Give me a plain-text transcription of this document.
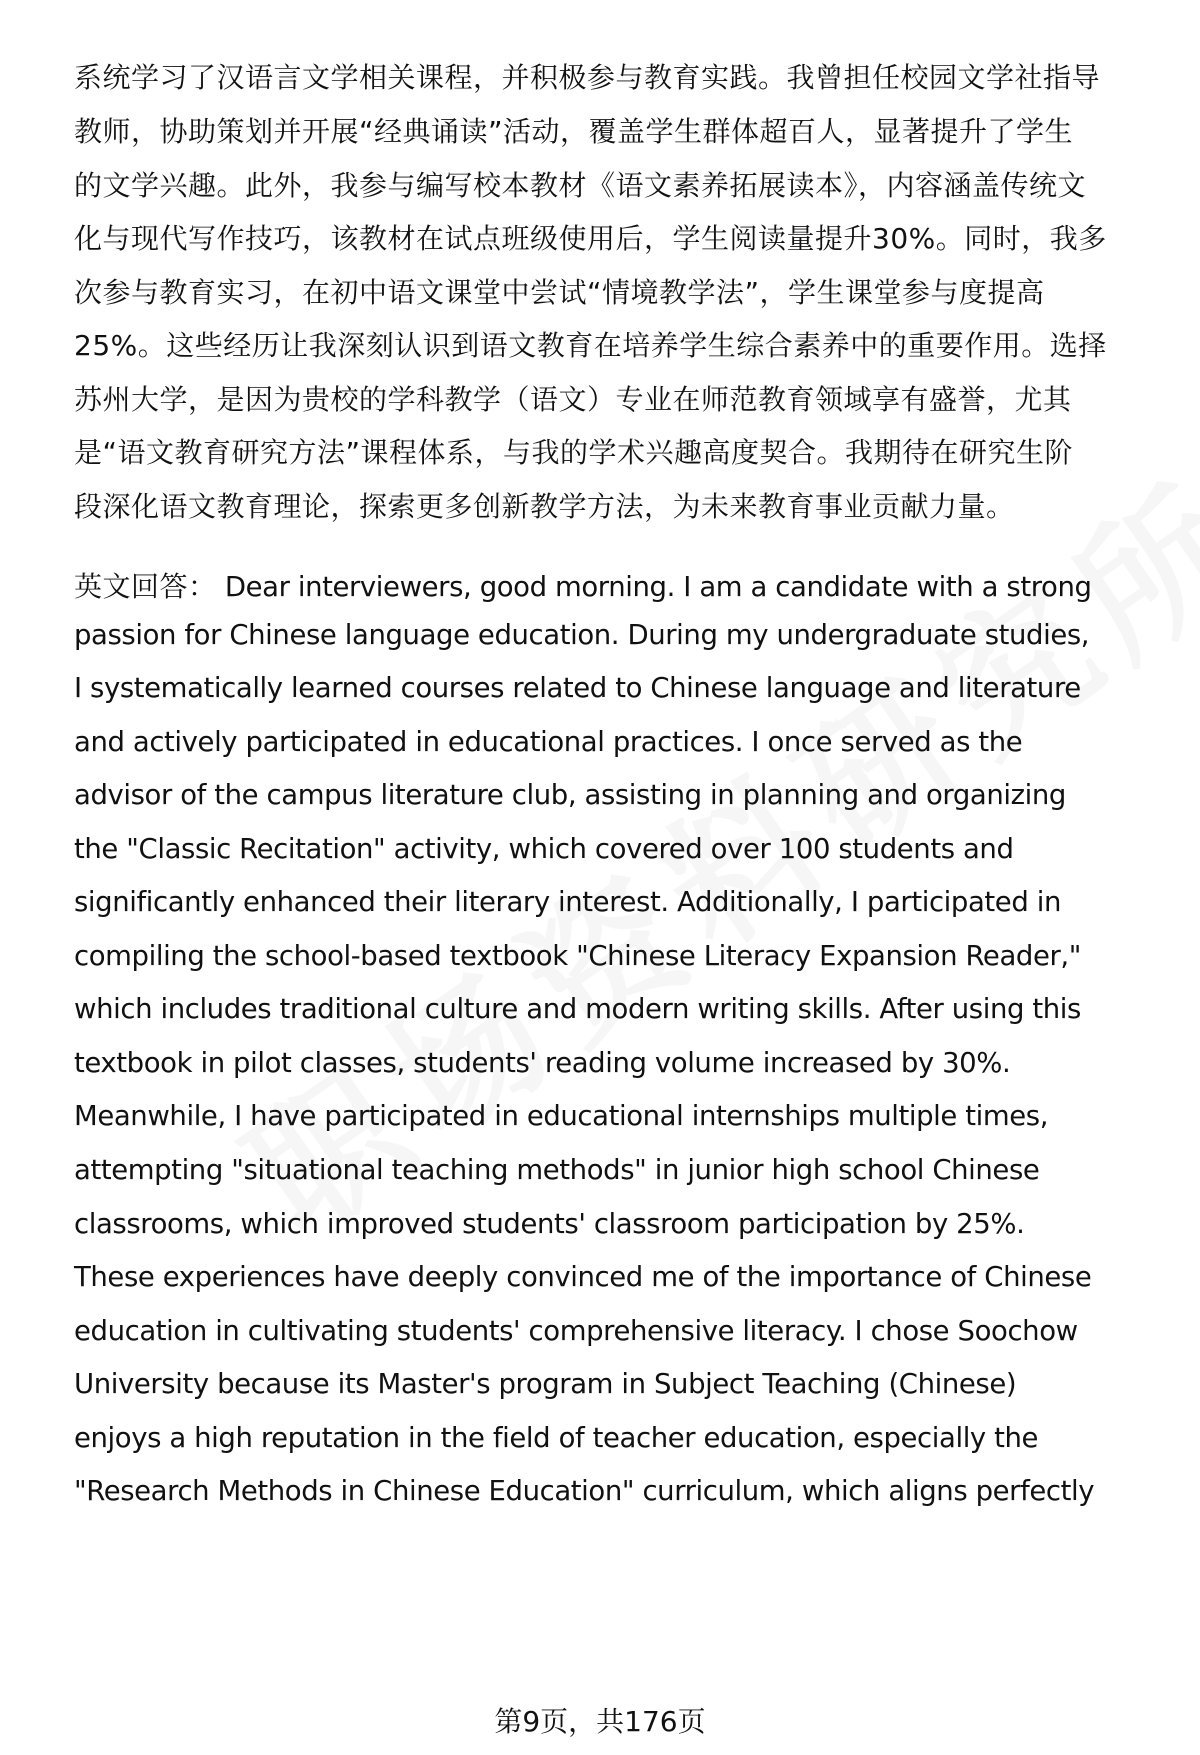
系统学习了汉语言文学相关课程，并积极参与教育实践。我曾担任校园文学社指导
教师，协助策划并开展“经典诵读”活动，覆盖学生群体超百人，显著提升了学生
的文学兴趣。此外，我参与编写校本教材《语文素养拓展读本》，内容涵盖传统文
化与现代写作技巧，该教材在试点班级使用后，学生阅读量提升30%。同时，我多
次参与教育实习，在初中语文课堂中尝试“情境教学法”，学生课堂参与度提高
25%。这些经历让我深刻认识到语文教育在培养学生综合素养中的重要作用。选择
苏州大学，是因为贵校的学科教学（语文）专业在师范教育领域享有盛誉，尤其
是“语文教育研究方法”课程体系，与我的学术兴趣高度契合。我期待在研究生阶
段深化语文教育理论，探索更多创新教学方法，为未来教育事业贡献力量。
英文回答： Dear interviewers, good morning. I am a candidate with a strong
passion for Chinese language education. During my undergraduate studies,
I systematically learned courses related to Chinese language and literature
and actively participated in educational practices. I once served as the
advisor of the campus literature club, assisting in planning and organizing
the "Classic Recitation" activity, which covered over 100 students and
significantly enhanced their literary interest. Additionally, I participated in
compiling the school-based textbook "Chinese Literacy Expansion Reader,"
which includes traditional culture and modern writing skills. After using this
textbook in pilot classes, students' reading volume increased by 30%.
Meanwhile, I have participated in educational internships multiple times,
attempting "situational teaching methods" in junior high school Chinese
classrooms, which improved students' classroom participation by 25%.
These experiences have deeply convinced me of the importance of Chinese
education in cultivating students' comprehensive literacy. I chose Soochow
University because its Master's program in Subject Teaching (Chinese)
enjoys a high reputation in the field of teacher education, especially the
"Research Methods in Chinese Education" curriculum, which aligns perfectly
第9页，共176页
